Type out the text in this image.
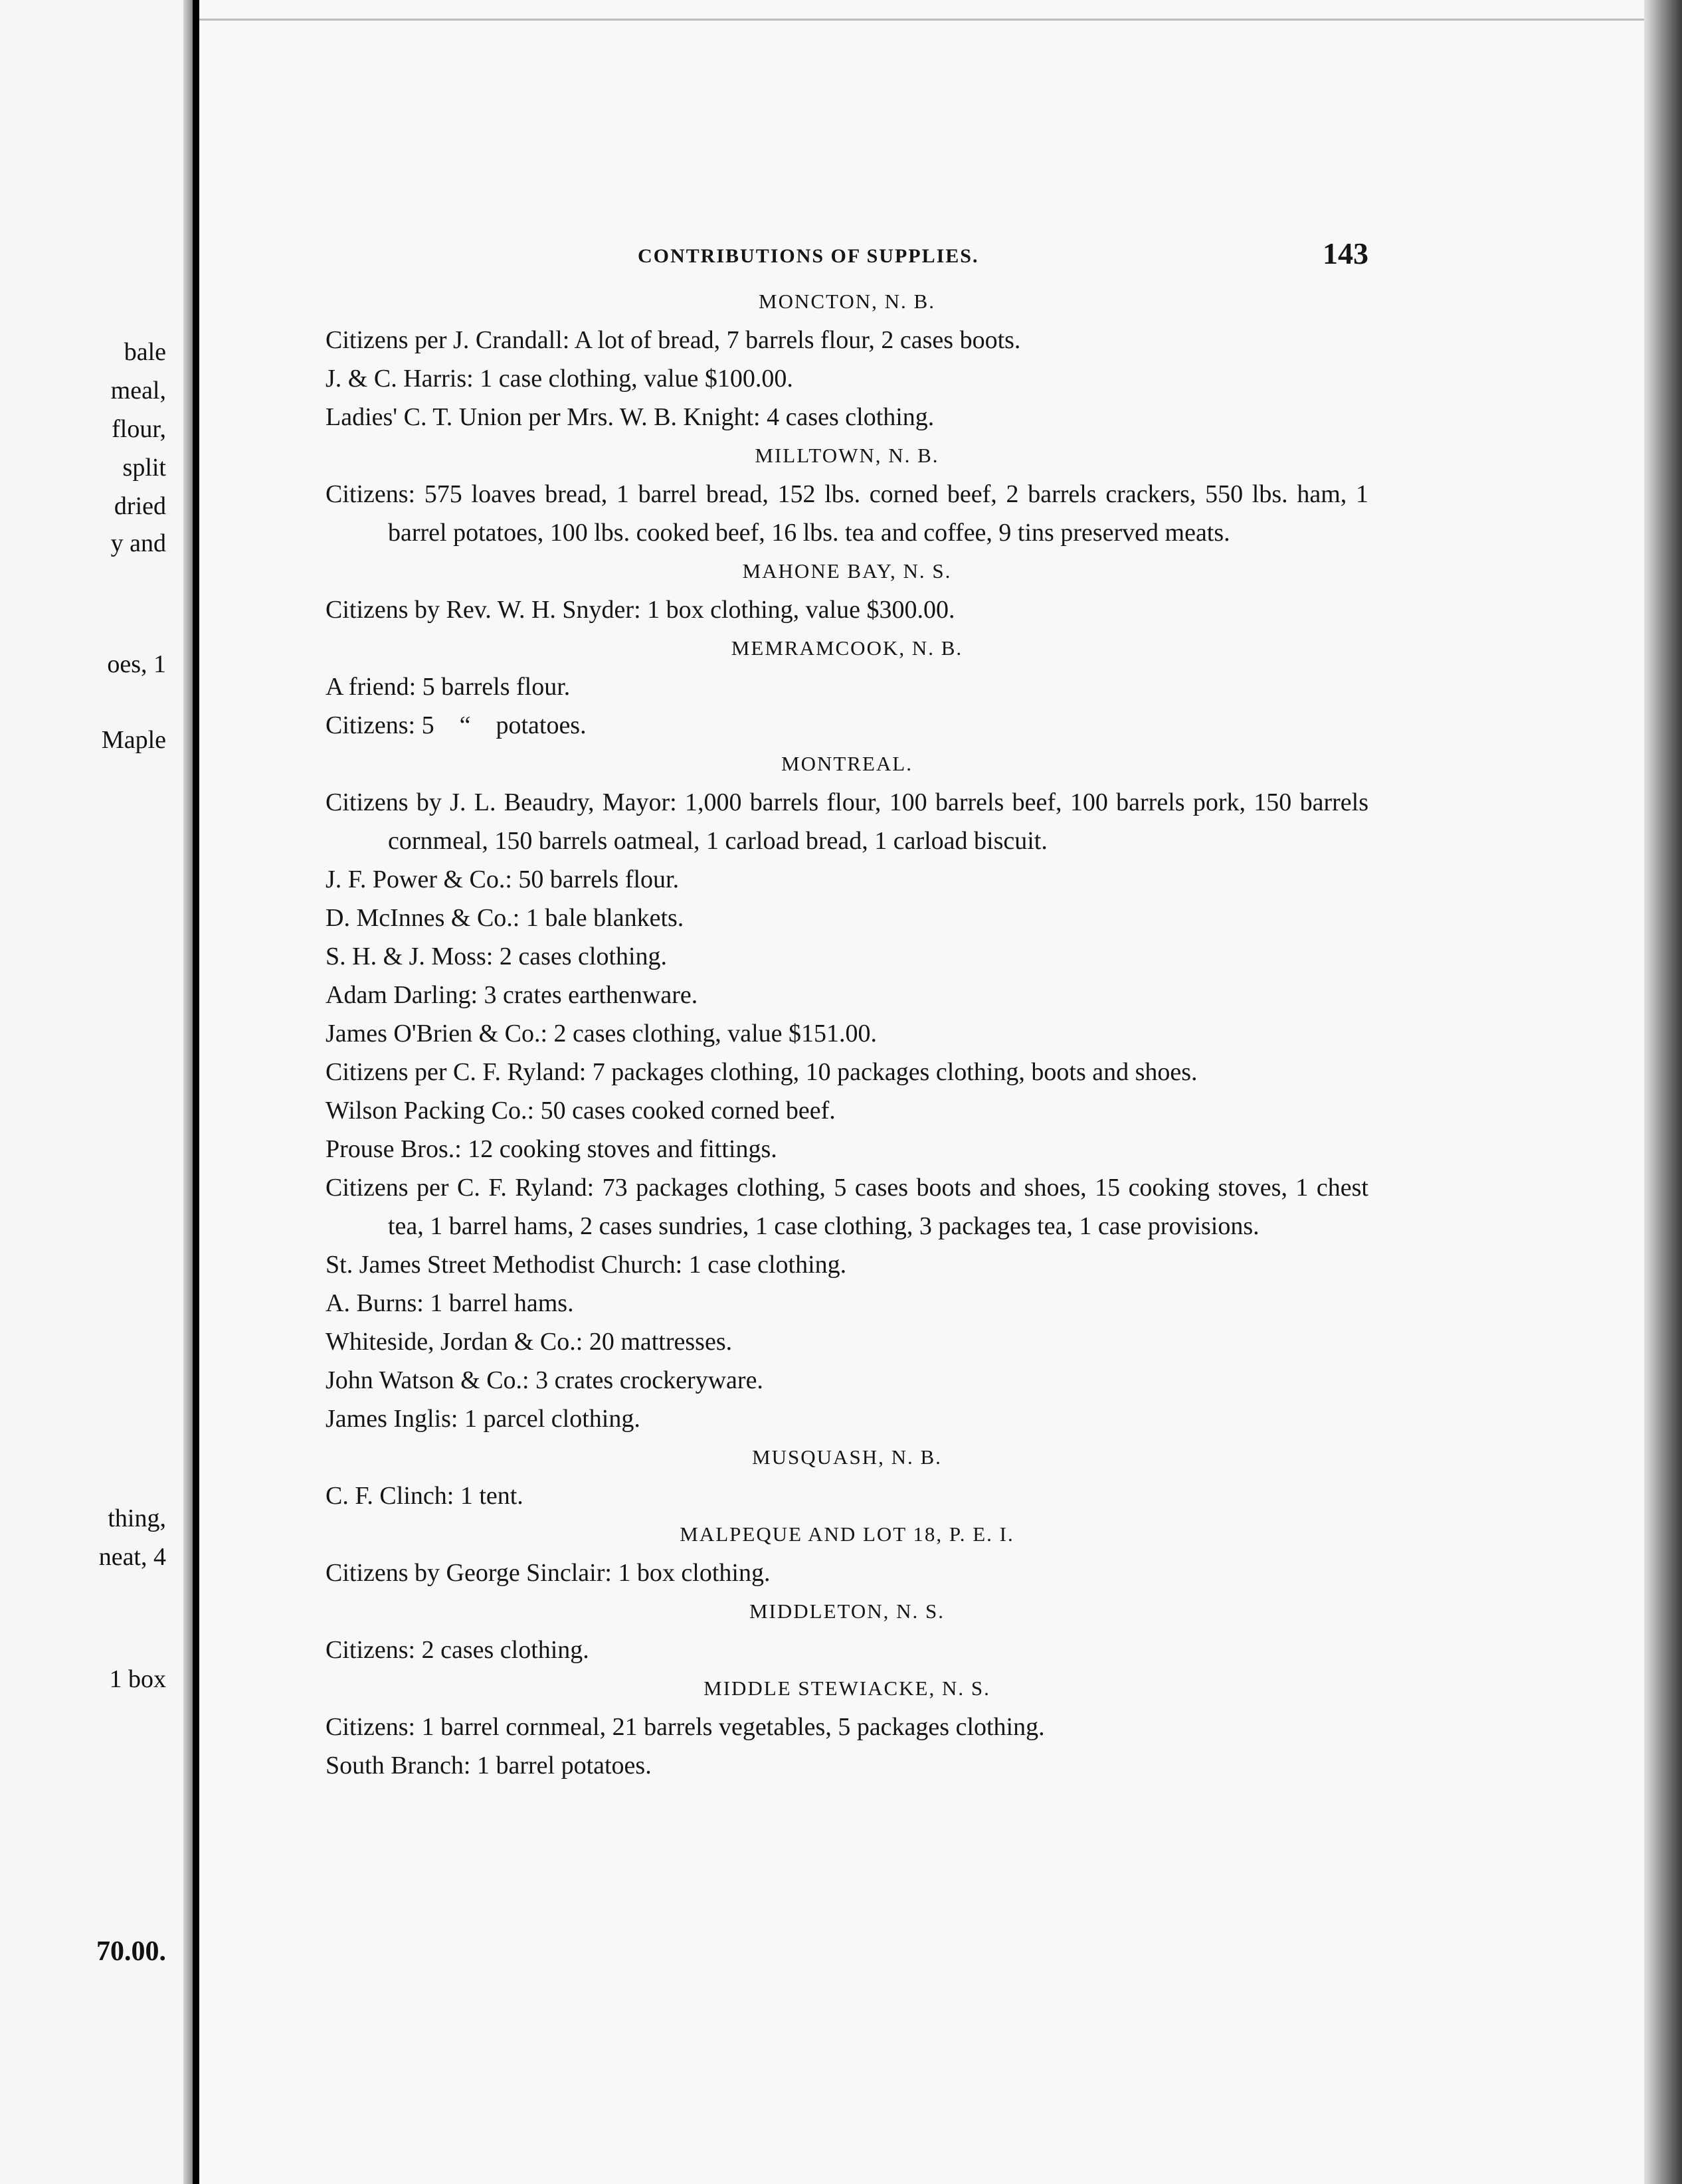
bale
meal,
flour,
split
dried
y and
oes, 1
Maple
thing,
neat, 4
1 box
70.00.
CONTRIBUTIONS OF SUPPLIES.	143
MONCTON, N. B.
Citizens per J. Crandall: A lot of bread, 7 barrels flour, 2 cases boots.
J. & C. Harris: 1 case clothing, value $100.00.
Ladies' C. T. Union per Mrs. W. B. Knight: 4 cases clothing.
MILLTOWN, N. B.
Citizens: 575 loaves bread, 1 barrel bread, 152 lbs. corned beef, 2 barrels crackers, 550 lbs. ham, 1 barrel potatoes, 100 lbs. cooked beef, 16 lbs. tea and coffee, 9 tins preserved meats.
MAHONE BAY, N. S.
Citizens by Rev. W. H. Snyder: 1 box clothing, value $300.00.
MEMRAMCOOK, N. B.
A friend: 5 barrels flour.
Citizens: 5    “    potatoes.
MONTREAL.
Citizens by J. L. Beaudry, Mayor: 1,000 barrels flour, 100 barrels beef, 100 barrels pork, 150 barrels cornmeal, 150 barrels oatmeal, 1 carload bread, 1 carload biscuit.
J. F. Power & Co.: 50 barrels flour.
D. McInnes & Co.: 1 bale blankets.
S. H. & J. Moss: 2 cases clothing.
Adam Darling: 3 crates earthenware.
James O'Brien & Co.: 2 cases clothing, value $151.00.
Citizens per C. F. Ryland: 7 packages clothing, 10 packages clothing, boots and shoes.
Wilson Packing Co.: 50 cases cooked corned beef.
Prouse Bros.: 12 cooking stoves and fittings.
Citizens per C. F. Ryland: 73 packages clothing, 5 cases boots and shoes, 15 cooking stoves, 1 chest tea, 1 barrel hams, 2 cases sundries, 1 case clothing, 3 packages tea, 1 case provisions.
St. James Street Methodist Church: 1 case clothing.
A. Burns: 1 barrel hams.
Whiteside, Jordan & Co.: 20 mattresses.
John Watson & Co.: 3 crates crockeryware.
James Inglis: 1 parcel clothing.
MUSQUASH, N. B.
C. F. Clinch: 1 tent.
MALPEQUE AND LOT 18, P. E. I.
Citizens by George Sinclair: 1 box clothing.
MIDDLETON, N. S.
Citizens: 2 cases clothing.
MIDDLE STEWIACKE, N. S.
Citizens: 1 barrel cornmeal, 21 barrels vegetables, 5 packages clothing.
South Branch: 1 barrel potatoes.
